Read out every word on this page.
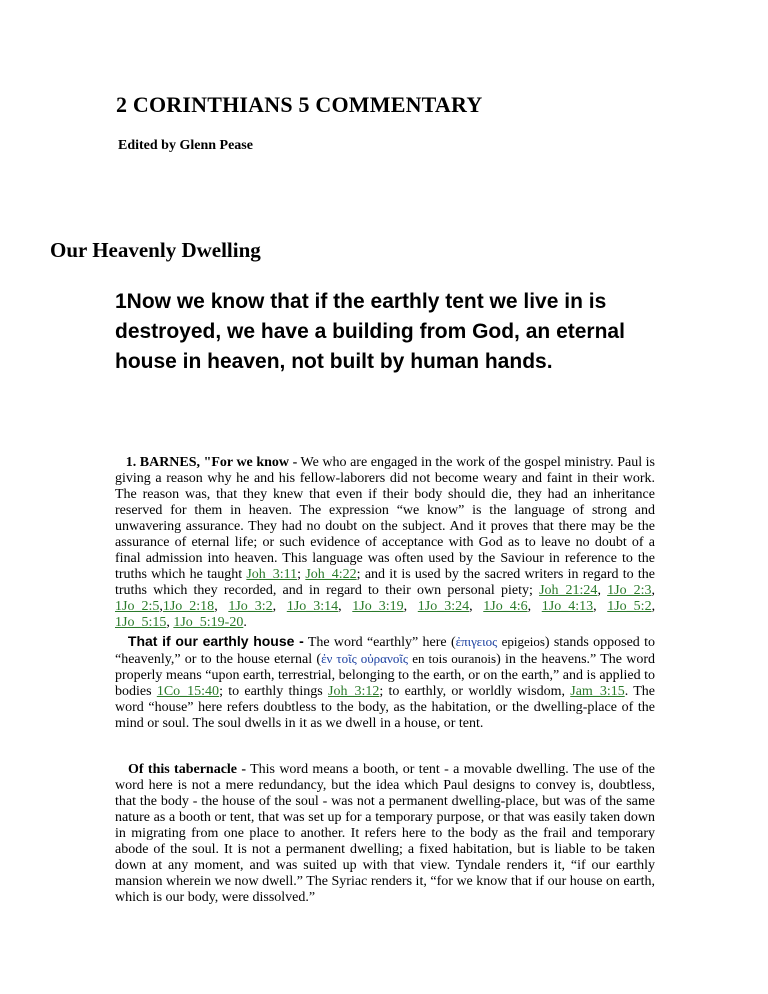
2 CORINTHIANS 5 COMMENTARY
Edited by Glenn Pease
Our Heavenly Dwelling
1Now we know that if the earthly tent we live in is destroyed, we have a building from God, an eternal house in heaven, not built by human hands.
1. BARNES, "For we know - We who are engaged in the work of the gospel ministry. Paul is giving a reason why he and his fellow-laborers did not become weary and faint in their work. The reason was, that they knew that even if their body should die, they had an inheritance reserved for them in heaven. The expression “we know” is the language of strong and unwavering assurance. They had no doubt on the subject. And it proves that there may be the assurance of eternal life; or such evidence of acceptance with God as to leave no doubt of a final admission into heaven. This language was often used by the Saviour in reference to the truths which he taught Joh_3:11; Joh_4:22; and it is used by the sacred writers in regard to the truths which they recorded, and in regard to their own personal piety; Joh_21:24, 1Jo_2:3, 1Jo_2:5,1Jo_2:18, 1Jo_3:2, 1Jo_3:14, 1Jo_3:19, 1Jo_3:24, 1Jo_4:6, 1Jo_4:13, 1Jo_5:2, 1Jo_5:15, 1Jo_5:19-20.
That if our earthly house - The word “earthly” here (ἐπιγειος epigeios) stands opposed to “heavenly,” or to the house eternal (ἐν τοῖς οὐρανοῖς en tois ouranois) in the heavens.” The word properly means “upon earth, terrestrial, belonging to the earth, or on the earth,” and is applied to bodies 1Co_15:40; to earthly things Joh_3:12; to earthly, or worldly wisdom, Jam_3:15. The word “house” here refers doubtless to the body, as the habitation, or the dwelling-place of the mind or soul. The soul dwells in it as we dwell in a house, or tent.
Of this tabernacle - This word means a booth, or tent - a movable dwelling. The use of the word here is not a mere redundancy, but the idea which Paul designs to convey is, doubtless, that the body - the house of the soul - was not a permanent dwelling-place, but was of the same nature as a booth or tent, that was set up for a temporary purpose, or that was easily taken down in migrating from one place to another. It refers here to the body as the frail and temporary abode of the soul. It is not a permanent dwelling; a fixed habitation, but is liable to be taken down at any moment, and was suited up with that view. Tyndale renders it, “if our earthly mansion wherein we now dwell.” The Syriac renders it, “for we know that if our house on earth, which is our body, were dissolved.”
